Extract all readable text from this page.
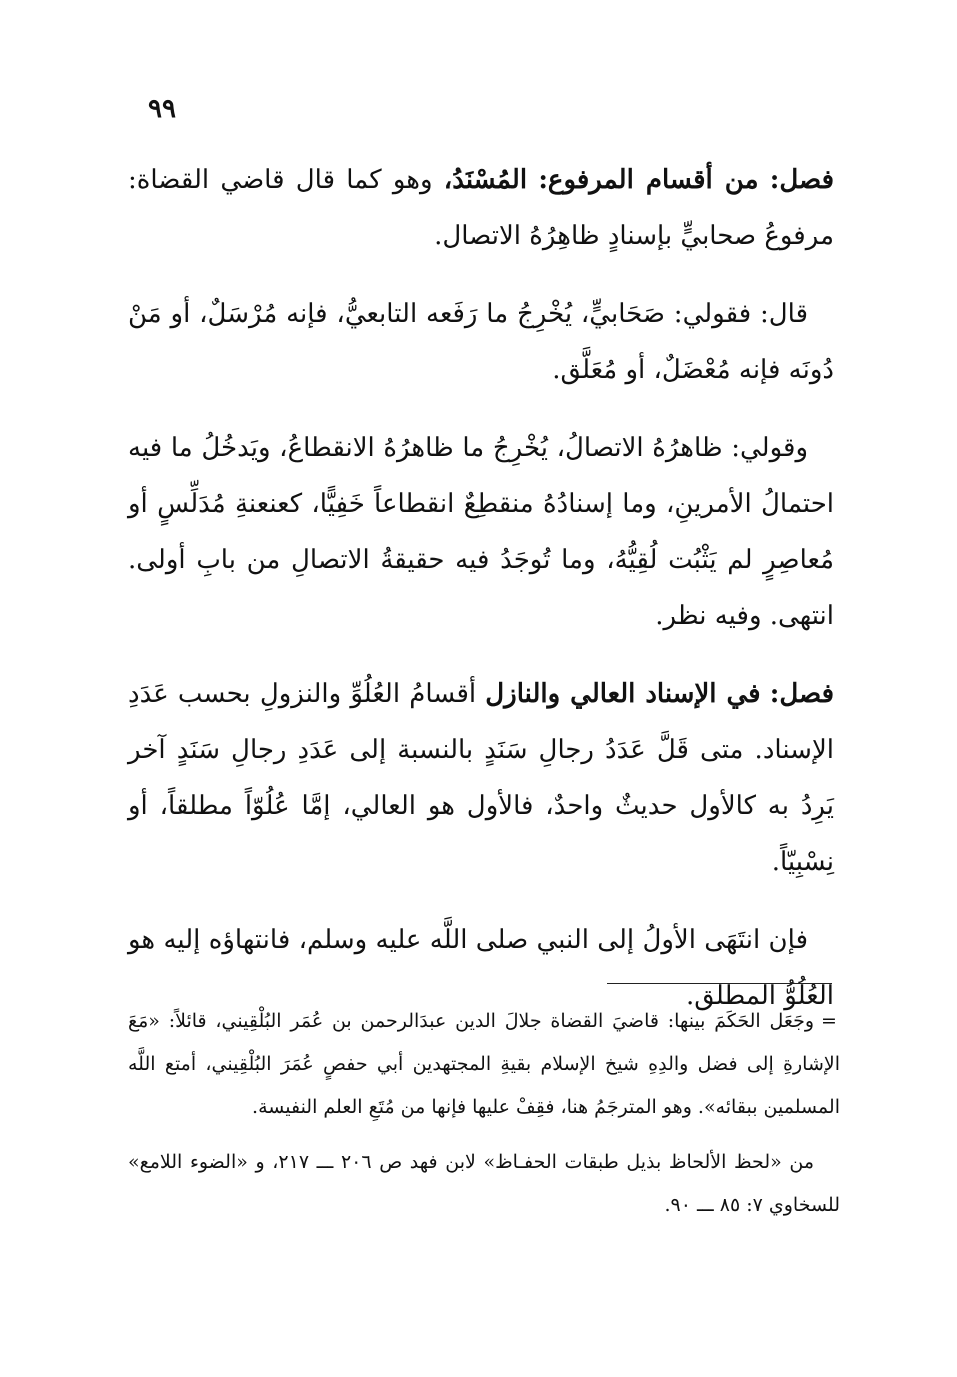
٩٩

فصل: من أقسام المرفوع: المُسْنَدُ، وهو كما قال قاضي القضاة: مرفوعُ صحابيٍّ بإسنادٍ ظاهِرُهُ الاتصال.

قال: فقولي: صَحَابيٍّ، يُخْرِجُ ما رَفَعه التابعيُّ، فإنه مُرْسَلٌ، أو مَنْ دُونَه فإنه مُعْضَلٌ، أو مُعَلَّق.

وقولي: ظاهرُهُ الاتصالُ، يُخْرِجُ ما ظاهرُهُ الانقطاعُ، ويَدخُلُ ما فيه احتمالُ الأمرينِ، وما إسنادُهُ منقطِعٌ انقطاعاً خَفِيًّا، كعنعنةِ مُدَلِّسٍ أو مُعاصِرٍ لم يَثْبُت لُقِيُّهُ، وما تُوجَدُ فيه حقيقةُ الاتصالِ من بابِ أولى. انتهى. وفيه نظر.

فصل: في الإسناد العالي والنازل أقسامُ العُلُوِّ والنزولِ بحسب عَدَدِ الإسناد. متى قَلَّ عَدَدُ رجالِ سَنَدٍ بالنسبة إلى عَدَدِ رجالِ سَنَدٍ آخر يَرِدُ به كالأول حديثٌ واحدٌ، فالأول هو العالي، إمَّا عُلُوّاً مطلقاً، أو نِسْبِيّاً.

فإن انتَهَى الأولُ إلى النبي صلى اللَّه عليه وسلم، فانتهاؤه إليه هو العُلُوُّ المطلق.

=وجَعَل الحَكَمَ بينها: قاضيَ القضاة جلالَ الدين عبدَالرحمن بن عُمَر البُلْقِيني، قائلاً: «مَعَ الإشارةِ إلى فضل والدِهِ شيخ الإسلام بقيةِ المجتهدين أبي حفصٍ عُمَرَ البُلْقِيني، أمتع اللَّه المسلمين ببقائه». وهو المترجَمُ هنا، فقِفْ عليها فإنها من مُتَعِ العلم النفيسة.

من «لحظ الألحاظ بذيل طبقات الحفـاظ» لابن فهد ص ٢٠٦ ـــ ٢١٧، و «الضوء اللامع» للسخاوي ٧: ٨٥ ـــ ٩٠.
